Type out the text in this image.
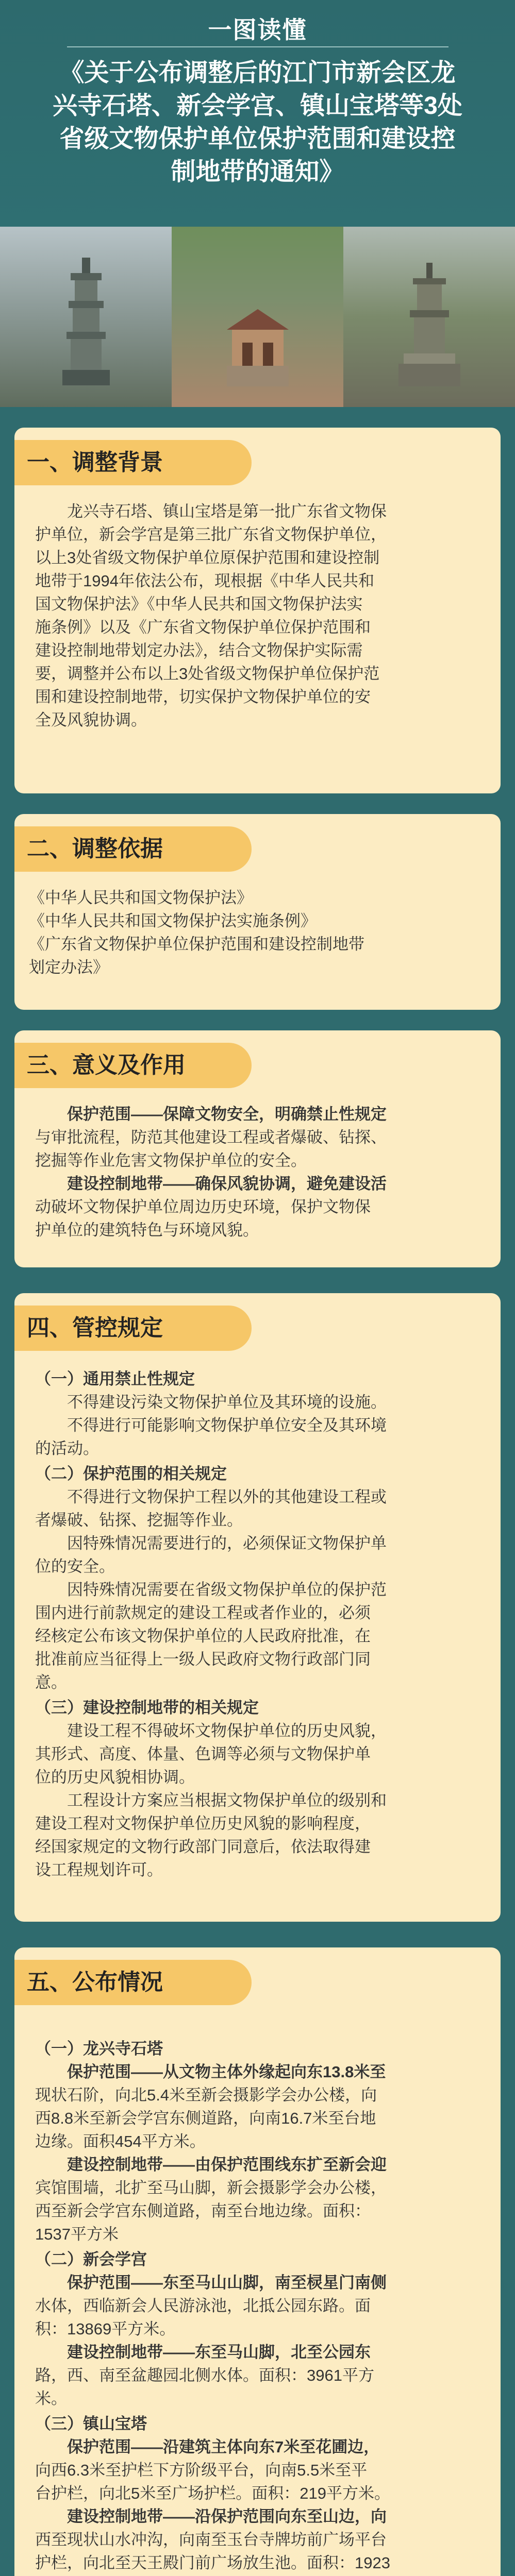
一图读懂
《关于公布调整后的江门市新会区龙
兴寺石塔、新会学宫、镇山宝塔等3处
省级文物保护单位保护范围和建设控
制地带的通知》
一、调整背景
龙兴寺石塔、镇山宝塔是第一批广东省文物保
护单位，新会学宫是第三批广东省文物保护单位，
以上3处省级文物保护单位原保护范围和建设控制
地带于1994年依法公布，现根据《中华人民共和
国文物保护法》《中华人民共和国文物保护法实
施条例》以及《广东省文物保护单位保护范围和
建设控制地带划定办法》，结合文物保护实际需
要，调整并公布以上3处省级文物保护单位保护范
围和建设控制地带，切实保护文物保护单位的安
全及风貌协调。
二、调整依据
《中华人民共和国文物保护法》
《中华人民共和国文物保护法实施条例》
《广东省文物保护单位保护范围和建设控制地带
划定办法》
三、意义及作用
保护范围——保障文物安全，明确禁止性规定
与审批流程，防范其他建设工程或者爆破、钻探、
挖掘等作业危害文物保护单位的安全。
建设控制地带——确保风貌协调，避免建设活
动破坏文物保护单位周边历史环境，保护文物保
护单位的建筑特色与环境风貌。
四、管控规定
（一）通用禁止性规定
不得建设污染文物保护单位及其环境的设施。
不得进行可能影响文物保护单位安全及其环境
的活动。
（二）保护范围的相关规定
不得进行文物保护工程以外的其他建设工程或
者爆破、钻探、挖掘等作业。
因特殊情况需要进行的，必须保证文物保护单
位的安全。
因特殊情况需要在省级文物保护单位的保护范
围内进行前款规定的建设工程或者作业的，必须
经核定公布该文物保护单位的人民政府批准，在
批准前应当征得上一级人民政府文物行政部门同
意。
（三）建设控制地带的相关规定
建设工程不得破坏文物保护单位的历史风貌，
其形式、高度、体量、色调等必须与文物保护单
位的历史风貌相协调。
工程设计方案应当根据文物保护单位的级别和
建设工程对文物保护单位历史风貌的影响程度，
经国家规定的文物行政部门同意后，依法取得建
设工程规划许可。
五、公布情况
（一）龙兴寺石塔
保护范围——从文物主体外缘起向东13.8米至
现状石阶，向北5.4米至新会摄影学会办公楼，向
西8.8米至新会学宫东侧道路，向南16.7米至台地
边缘。面积454平方米。
建设控制地带——由保护范围线东扩至新会迎
宾馆围墙，北扩至马山脚，新会摄影学会办公楼，
西至新会学宫东侧道路，南至台地边缘。面积：
1537平方米
（二）新会学宫
保护范围——东至马山山脚，南至棂星门南侧
水体，西临新会人民游泳池，北抵公园东路。面
积：13869平方米。
建设控制地带——东至马山脚，北至公园东
路，西、南至盆趣园北侧水体。面积：3961平方
米。
（三）镇山宝塔
保护范围——沿建筑主体向东7米至花圃边，
向西6.3米至护栏下方阶级平台，向南5.5米至平
台护栏，向北5米至广场护栏。面积：219平方米。
建设控制地带——沿保护范围向东至山边，向
西至现状山水冲沟，向南至玉台寺牌坊前广场平台
护栏，向北至天王殿门前广场放生池。面积：1923
